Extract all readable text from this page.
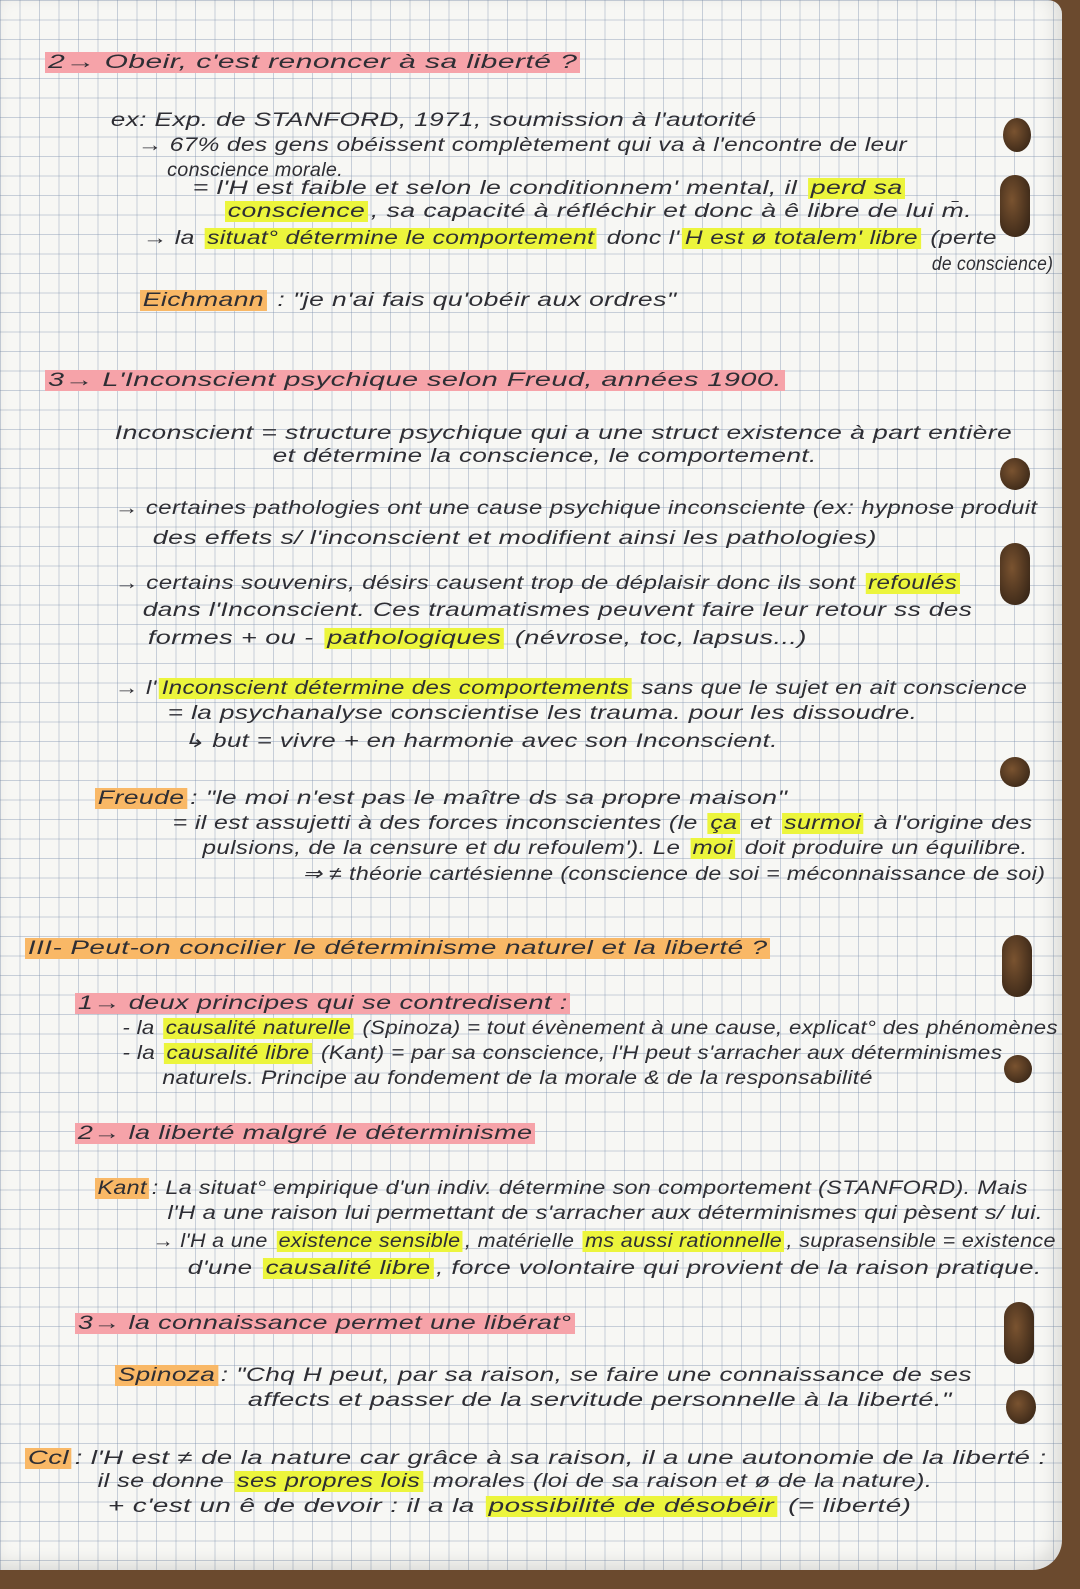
2→ Obeir, c'est renoncer à sa liberté ?
ex: Exp. de STANFORD, 1971, soumission à l'autorité
→ 67% des gens obéissent complètement qui va à l'encontre de leur
conscience morale.
= l'H est faible et selon le conditionnem' mental, il perd sa
conscience , sa capacité à réfléchir et donc à ê libre de lui m̄.
→ la situat° détermine le comportement donc l' H est ø totalem' libre (perte
de conscience)
Eichmann : "je n'ai fais qu'obéir aux ordres"
3→ L'Inconscient psychique selon Freud, années 1900.
Inconscient = structure psychique qui a une struct existence à part entière
et détermine la conscience, le comportement.
→ certaines pathologies ont une cause psychique inconsciente (ex: hypnose produit
des effets s/ l'inconscient et modifient ainsi les pathologies)
→ certains souvenirs, désirs causent trop de déplaisir donc ils sont refoulés
dans l'Inconscient. Ces traumatismes peuvent faire leur retour ss des
formes + ou - pathologiques (névrose, toc, lapsus...)
→ l' Inconscient détermine des comportements sans que le sujet en ait conscience
= la psychanalyse conscientise les trauma. pour les dissoudre.
↳ but = vivre + en harmonie avec son Inconscient.
Freude : "le moi n'est pas le maître ds sa propre maison"
= il est assujetti à des forces inconscientes (le ça et surmoi à l'origine des
pulsions, de la censure et du refoulem'). Le moi doit produire un équilibre.
⇒ ≠ théorie cartésienne (conscience de soi = méconnaissance de soi)
III- Peut-on concilier le déterminisme naturel et la liberté ?
1→ deux principes qui se contredisent :
- la causalité naturelle (Spinoza) = tout évènement à une cause, explicat° des phénomènes
- la causalité libre (Kant) = par sa conscience, l'H peut s'arracher aux déterminismes
naturels. Principe au fondement de la morale & de la responsabilité
2→ la liberté malgré le déterminisme
Kant : La situat° empirique d'un indiv. détermine son comportement (STANFORD). Mais
l'H a une raison lui permettant de s'arracher aux déterminismes qui pèsent s/ lui.
→ l'H a une existence sensible , matérielle ms aussi rationnelle , suprasensible = existence
d'une causalité libre , force volontaire qui provient de la raison pratique.
3→ la connaissance permet une libérat°
Spinoza : "Chq H peut, par sa raison, se faire une connaissance de ses
affects et passer de la servitude personnelle à la liberté."
Ccl : l'H est ≠ de la nature car grâce à sa raison, il a une autonomie de la liberté :
il se donne ses propres lois morales (loi de sa raison et ø de la nature).
+ c'est un ê de devoir : il a la possibilité de désobéir (= liberté)
